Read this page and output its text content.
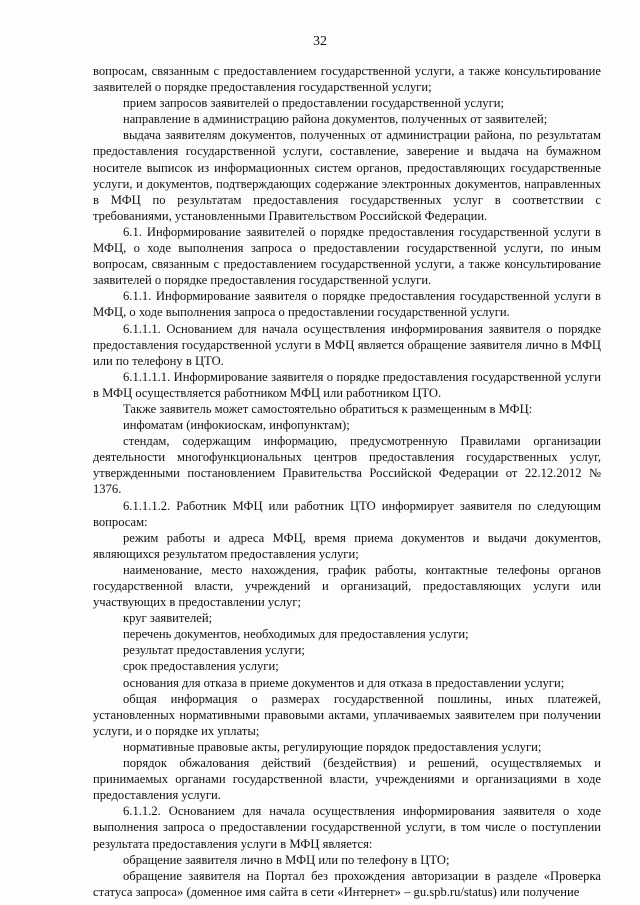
32

вопросам, связанным с предоставлением государственной услуги, а также консультирование заявителей о порядке предоставления государственной услуги;

прием запросов заявителей о предоставлении государственной услуги;

направление в администрацию района документов, полученных от заявителей;

выдача заявителям документов, полученных от администрации района, по результатам предоставления государственной услуги, составление, заверение и выдача на бумажном носителе выписок из информационных систем органов, предоставляющих государственные услуги, и документов, подтверждающих содержание электронных документов, направленных в МФЦ по результатам предоставления государственных услуг в соответствии с требованиями, установленными Правительством Российской Федерации.

6.1. Информирование заявителей о порядке предоставления государственной услуги в МФЦ, о ходе выполнения запроса о предоставлении государственной услуги, по иным вопросам, связанным с предоставлением государственной услуги, а также консультирование заявителей о порядке предоставления государственной услуги.

6.1.1. Информирование заявителя о порядке предоставления государственной услуги в МФЦ, о ходе выполнения запроса о предоставлении государственной услуги.

6.1.1.1. Основанием для начала осуществления информирования заявителя о порядке предоставления государственной услуги в МФЦ является обращение заявителя лично в МФЦ или по телефону в ЦТО.

6.1.1.1.1. Информирование заявителя о порядке предоставления государственной услуги в МФЦ осуществляется работником МФЦ или работником ЦТО.

Также заявитель может самостоятельно обратиться к размещенным в МФЦ:

инфоматам (инфокиоскам, инфопунктам);

стендам, содержащим информацию, предусмотренную Правилами организации деятельности многофункциональных центров предоставления государственных услуг, утвержденными постановлением Правительства Российской Федерации от 22.12.2012 № 1376.

6.1.1.1.2. Работник МФЦ или работник ЦТО информирует заявителя по следующим вопросам:

режим работы и адреса МФЦ, время приема документов и выдачи документов, являющихся результатом предоставления услуги;

наименование, место нахождения, график работы, контактные телефоны органов государственной власти, учреждений и организаций, предоставляющих услуги или участвующих в предоставлении услуг;

круг заявителей;

перечень документов, необходимых для предоставления услуги;

результат предоставления услуги;

срок предоставления услуги;

основания для отказа в приеме документов и для отказа в предоставлении услуги;

общая информация о размерах государственной пошлины, иных платежей, установленных нормативными правовыми актами, уплачиваемых заявителем при получении услуги, и о порядке их уплаты;

нормативные правовые акты, регулирующие порядок предоставления услуги;

порядок обжалования действий (бездействия) и решений, осуществляемых и принимаемых органами государственной власти, учреждениями и организациями в ходе предоставления услуги.

6.1.1.2. Основанием для начала осуществления информирования заявителя о ходе выполнения запроса о предоставлении государственной услуги, в том числе о поступлении результата предоставления услуги в МФЦ является:

обращение заявителя лично в МФЦ или по телефону в ЦТО;

обращение заявителя на Портал без прохождения авторизации в разделе «Проверка статуса запроса» (доменное имя сайта в сети «Интернет» – gu.spb.ru/status) или получение
